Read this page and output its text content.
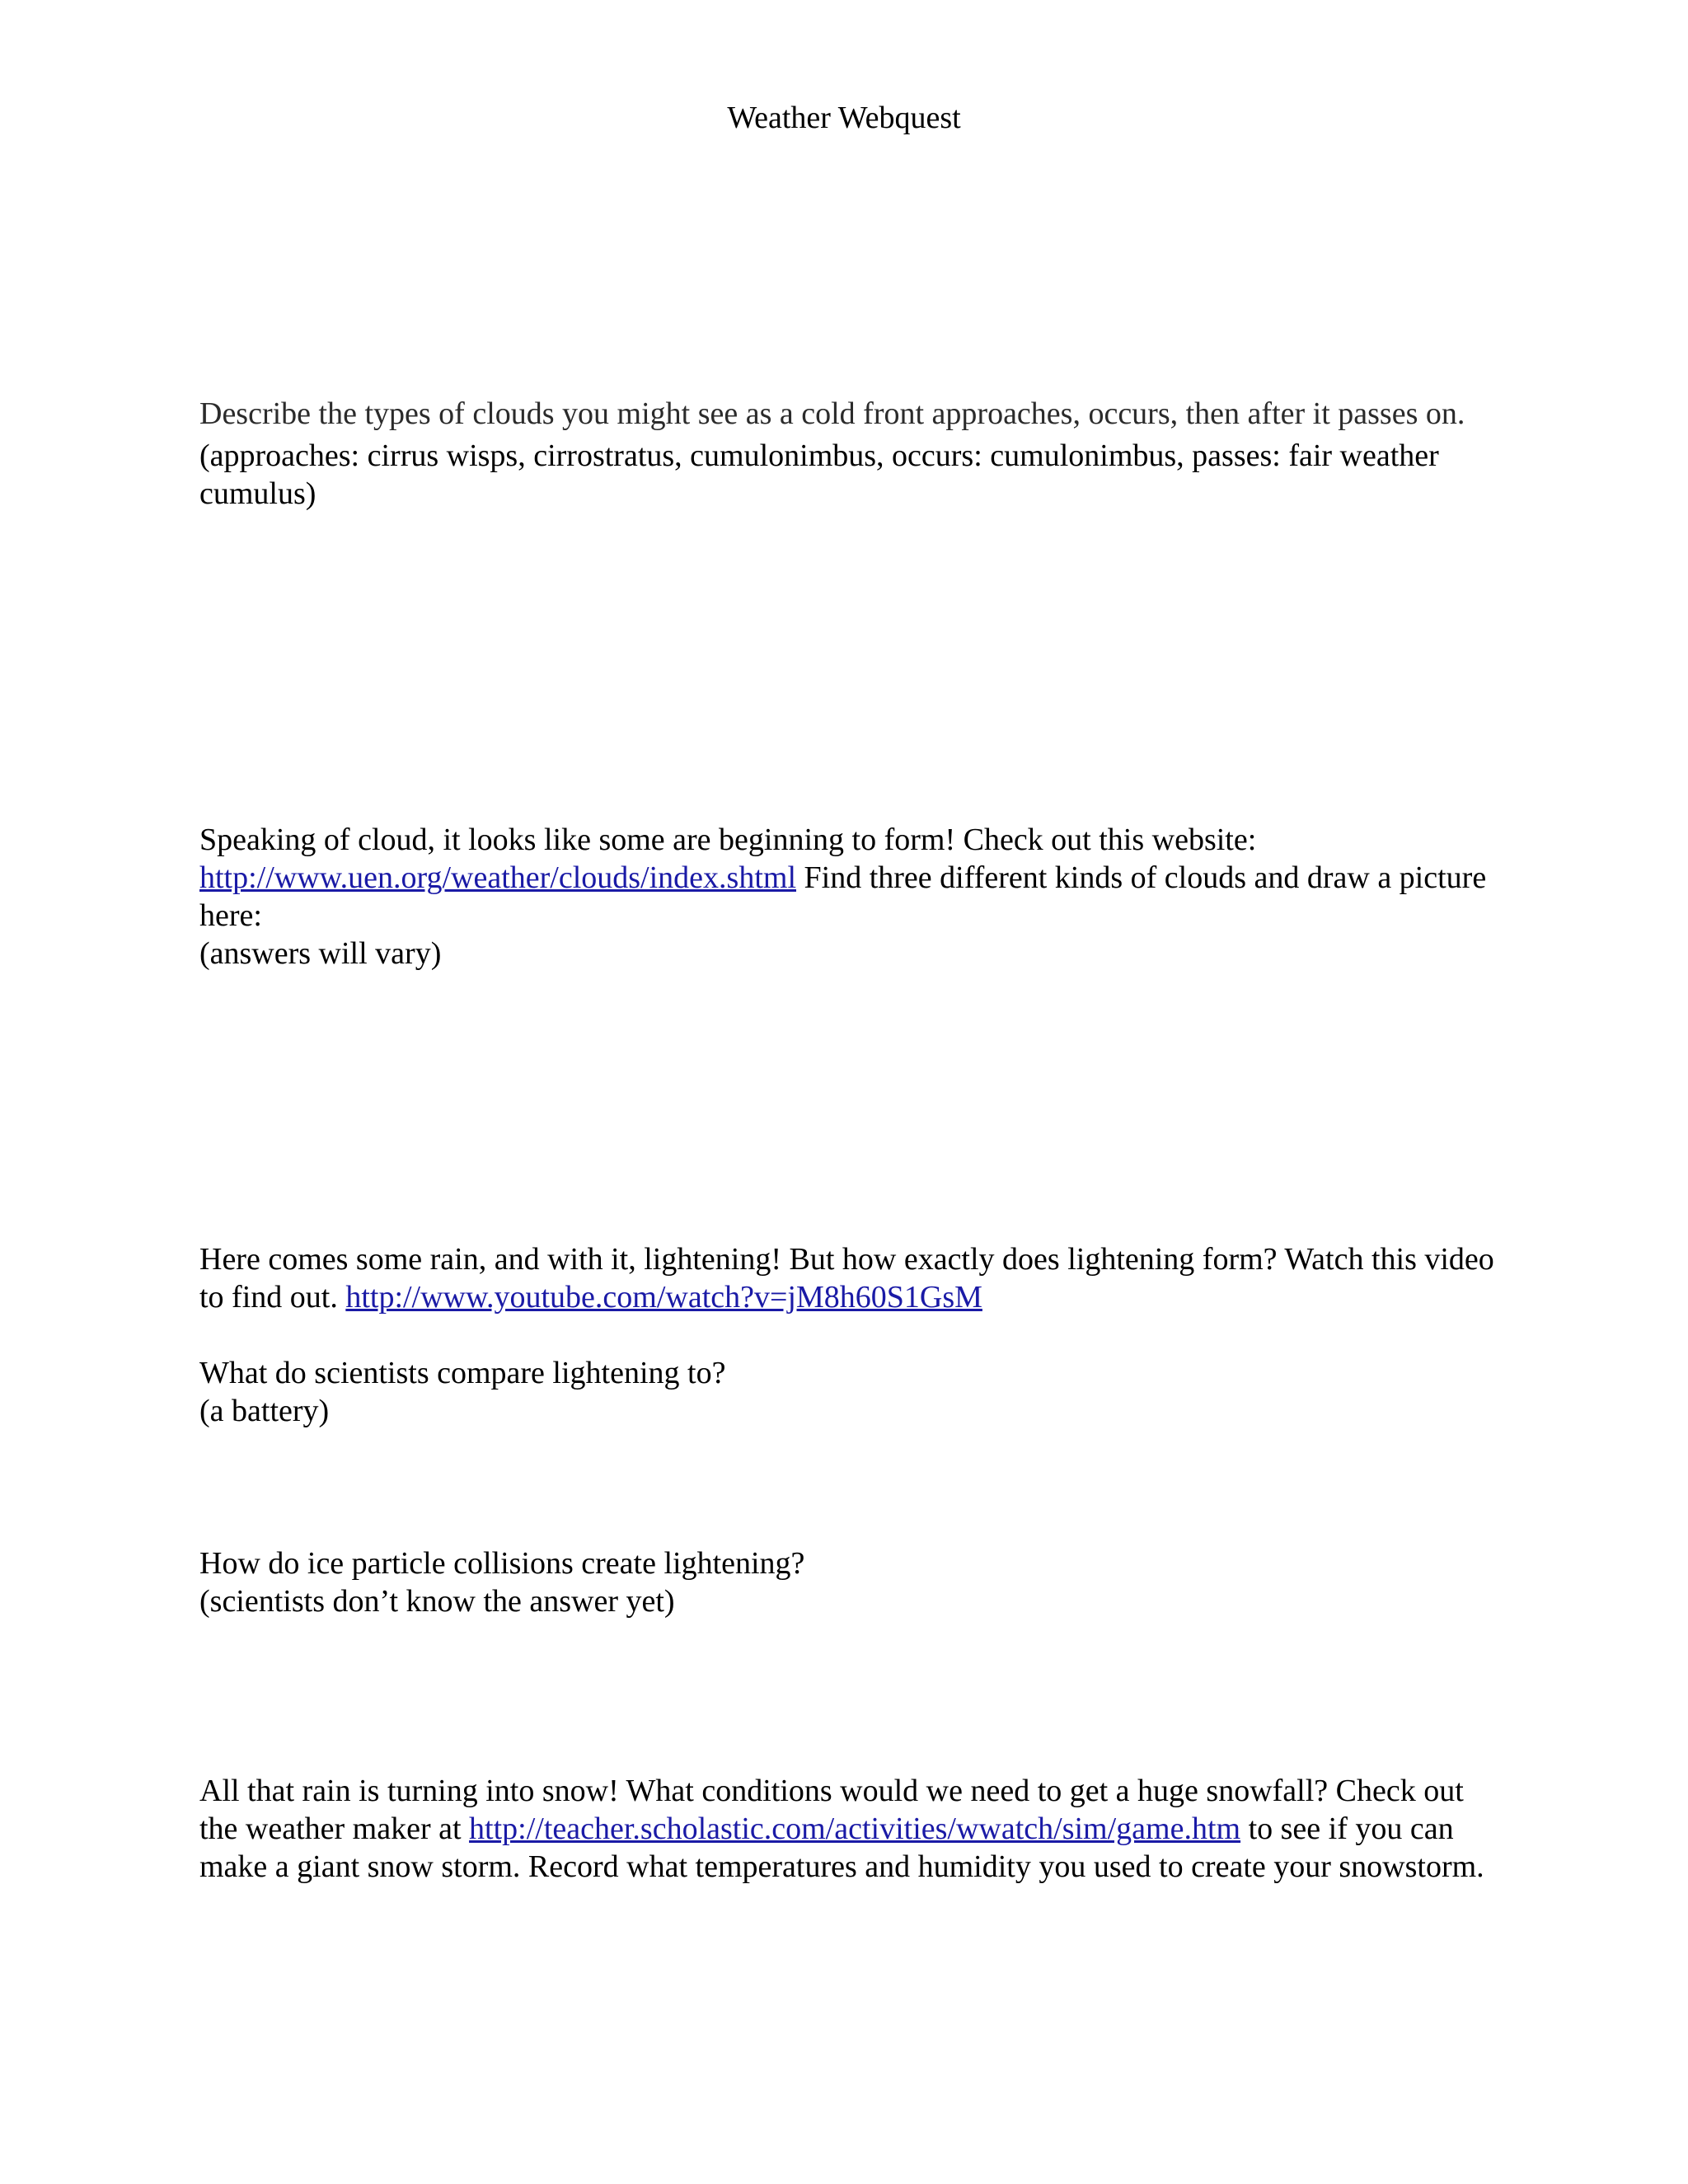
Weather Webquest

Describe the types of clouds you might see as a cold front approaches, occurs, then after it passes on.

(approaches: cirrus wisps, cirrostratus, cumulonimbus, occurs: cumulonimbus, passes: fair weather cumulus)

Speaking of cloud, it looks like some are beginning to form! Check out this website:
http://www.uen.org/weather/clouds/index.shtml Find three different kinds of clouds and draw a picture here:

(answers will vary)

Here comes some rain, and with it, lightening! But how exactly does lightening form? Watch this video to find out. http://www.youtube.com/watch?v=jM8h60S1GsM

What do scientists compare lightening to?

(a battery)

How do ice particle collisions create lightening?

(scientists don’t know the answer yet)

All that rain is turning into snow! What conditions would we need to get a huge snowfall? Check out the weather maker at http://teacher.scholastic.com/activities/wwatch/sim/game.htm to see if you can make a giant snow storm. Record what temperatures and humidity you used to create your snowstorm.
